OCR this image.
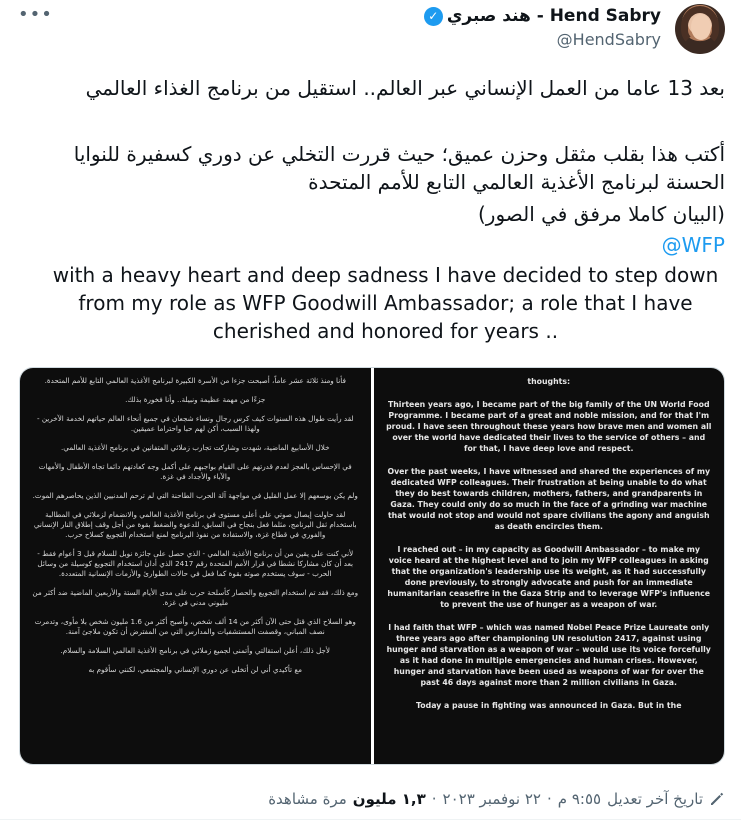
•••	Hend Sabry - هند صبري
✓
@HendSabry
بعد 13 عاما من العمل الإنساني عبر العالم.. استقيل من برنامج الغذاء العالمي
أكتب هذا بقلب مثقل وحزن عميق؛ حيث قررت التخلي عن دوري كسفيرة للنوايا الحسنة لبرنامج الأغذية العالمي التابع للأمم المتحدة
(البيان كاملا مرفق في الصور)
@WFP
with a heavy heart and deep sadness I have decided to step down from my role as WFP Goodwill Ambassador; a role that I have cherished and honored for years ..

فأنا ومنذ ثلاثة عشر عاماً، أصبحت جزءا من الأسرة الكبيرة لبرنامج الأغذية العالمي التابع للأمم المتحدة.

جزءًا من مهمة عظيمة ونبيلة.. وأنا فخورة بذلك.

لقد رأيت طوال هذه السنوات كيف كرس رجال ونساء شجعان في جميع أنحاء العالم حياتهم لخدمة الآخرين - ولهذا السبب، أكن لهم حبا واحتراما عميقين.

خلال الأسابيع الماضية، شهدت وشاركت تجارب زملائي المتفانين في برنامج الأغذية العالمي.

في الإحساس بالعجز لعدم قدرتهم على القيام بواجبهم على أكمل وجه كعادتهم دائما تجاه الأطفال والأمهات والآباء والأجداد في غزة.

ولم يكن بوسعهم إلا عمل القليل في مواجهة آلة الحرب الطاحنة التي لم ترحم المدنيين الذين يحاصرهم الموت.

لقد حاولت إيصال صوتي على أعلى مستوى في برنامج الأغذية العالمي والانضمام لزملائي في المطالبة باستخدام ثقل البرنامج، مثلما فعل بنجاح في السابق، للدعوة والضغط بقوة من أجل وقف إطلاق النار الإنساني والفوري في قطاع غزة، والاستفادة من نفوذ البرنامج لمنع استخدام التجويع كسلاح حرب.

لأني كنت على يقين من أن برنامج الأغذية العالمي - الذي حصل على جائزة نوبل للسلام قبل 3 أعوام فقط - بعد أن كان مشاركا نشطا في قرار الأمم المتحدة رقم 2417 الذي أدان استخدام التجويع كوسيلة من وسائل الحرب - سوف يستخدم صوته بقوة كما فعل في حالات الطوارئ والأزمات الإنسانية المتعددة.

ومع ذلك، فقد تم استخدام التجويع والحصار كأسلحة حرب على مدى الأيام الستة والأربعين الماضية ضد أكثر من مليوني مدني في غزة.

وهو السلاح الذي قتل حتى الآن أكثر من 14 ألف شخص، وأصبح أكثر من 1.6 مليون شخص بلا مأوى، وتدمرت نصف المباني، وقصفت المستشفيات والمدارس التي من المفترض أن تكون ملاجئ آمنة.

لأجل ذلك، أعلن استقالتي وأتمنى لجميع زملائي في برنامج الأغذية العالمي السلامة والسلام.

مع تأكيدي أني لن أتخلى عن دوري الإنساني والمجتمعي، لكنني سأقوم به

thoughts:

Thirteen years ago, I became part of the big family of the UN World Food Programme. I became part of a great and noble mission, and for that I'm proud. I have seen throughout these years how brave men and women all over the world have dedicated their lives to the service of others – and for that, I have deep love and respect.

Over the past weeks, I have witnessed and shared the experiences of my dedicated WFP colleagues. Their frustration at being unable to do what they do best towards children, mothers, fathers, and grandparents in Gaza. They could only do so much in the face of a grinding war machine that would not stop and would not spare civilians the agony and anguish as death encircles them.

I reached out – in my capacity as Goodwill Ambassador – to make my voice heard at the highest level and to join my WFP colleagues in asking that the organization's leadership use its weight, as it had successfully done previously, to strongly advocate and push for an immediate humanitarian ceasefire in the Gaza Strip and to leverage WFP's influence to prevent the use of hunger as a weapon of war.

I had faith that WFP – which was named Nobel Peace Prize Laureate only three years ago after championing UN resolution 2417, against using hunger and starvation as a weapon of war – would use its voice forcefully as it had done in multiple emergencies and human crises. However, hunger and starvation have been used as weapons of war for over the past 46 days against more than 2 million civilians in Gaza.

Today a pause in fighting was announced in Gaza. But in the

تاريخ آخر تعديل
٩:٥٥ م
·
٢٢ نوفمبر ٢٠٢٣
·
١,٣ مليون
مرة مشاهدة
